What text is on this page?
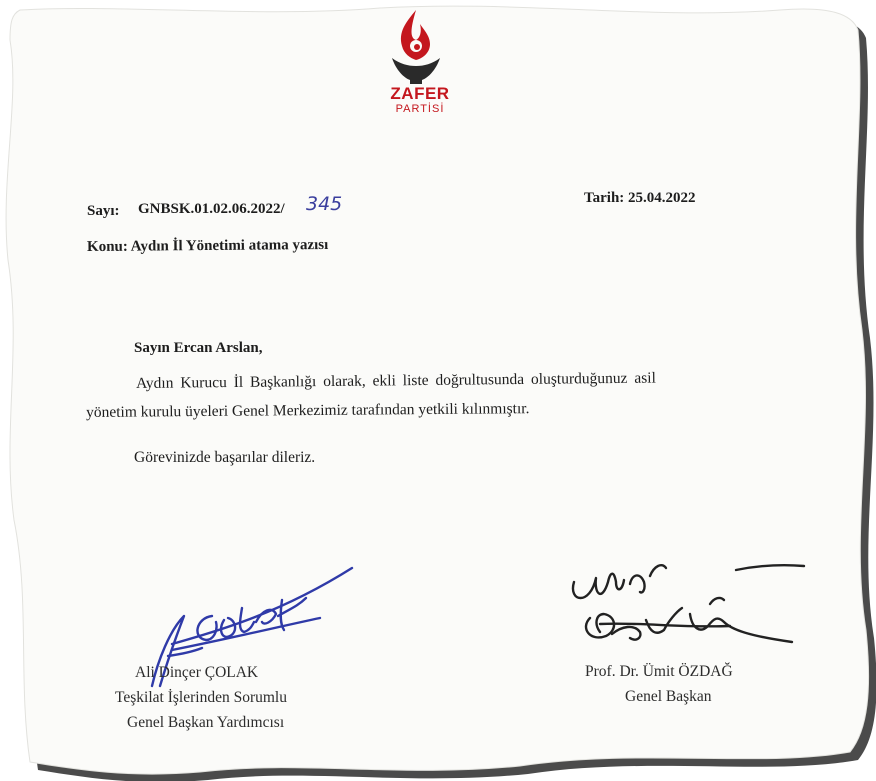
ZAFER
PARTİSİ
Sayı: GNBSK.01.02.06.2022/ 345	Tarih: 25.04.2022
Konu: Aydın İl Yönetimi atama yazısı
Sayın Ercan Arslan,
Aydın Kurucu İl Başkanlığı olarak, ekli liste doğrultusunda oluşturduğunuz asil
yönetim kurulu üyeleri Genel Merkezimiz tarafından yetkili kılınmıştır.
Görevinizde başarılar dileriz.
Ali Dinçer ÇOLAK
Teşkilat İşlerinden Sorumlu
Genel Başkan Yardımcısı
Prof. Dr. Ümit ÖZDAĞ
Genel Başkan
